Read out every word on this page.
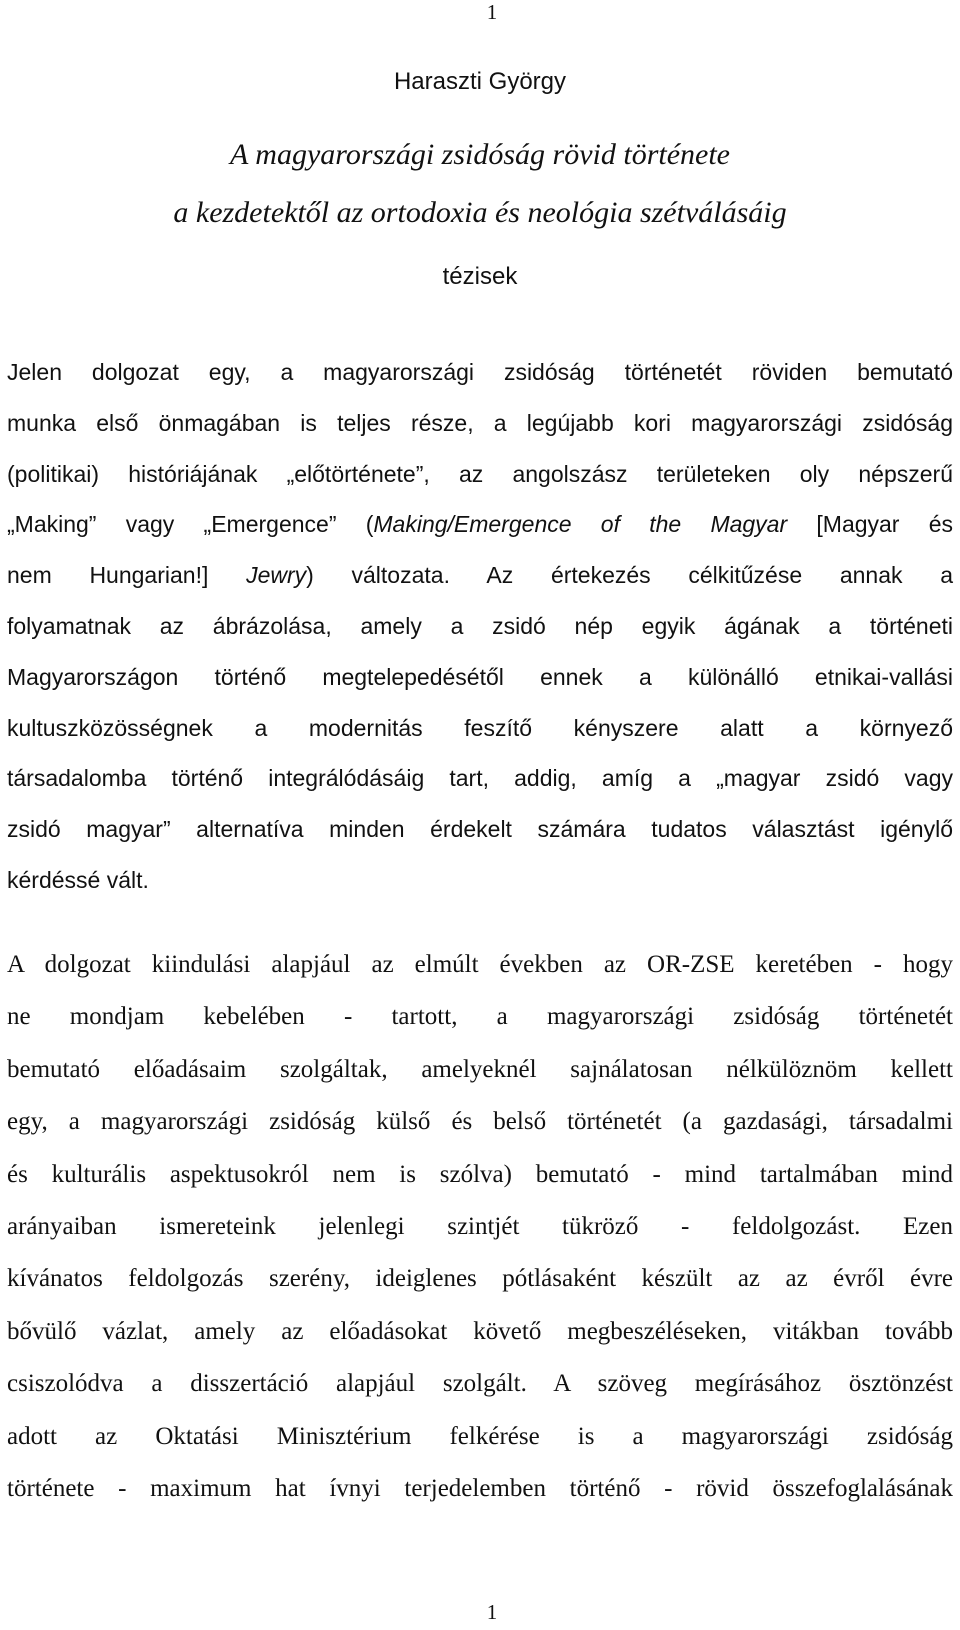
1
Haraszti György
A magyarországi zsidóság rövid története
a kezdetektől az ortodoxia és neológia szétválásáig
tézisek
Jelen dolgozat egy, a magyarországi zsidóság történetét röviden bemutató
munka első önmagában is teljes része, a legújabb kori magyarországi zsidóság
(politikai) históriájának „előtörténete”, az angolszász területeken oly népszerű
„Making” vagy „Emergence” (Making/Emergence of the Magyar [Magyar és
nem Hungarian!] Jewry) változata. Az értekezés célkitűzése annak a
folyamatnak az ábrázolása, amely a zsidó nép egyik ágának a történeti
Magyarországon történő megtelepedésétől ennek a különálló etnikai-vallási
kultuszközösségnek a modernitás feszítő kényszere alatt a környező
társadalomba történő integrálódásáig tart, addig, amíg a „magyar zsidó vagy
zsidó magyar” alternatíva minden érdekelt számára tudatos választást igénylő
kérdéssé vált.
A dolgozat kiindulási alapjául az elmúlt években az OR-ZSE keretében - hogy
ne mondjam kebelében - tartott, a magyarországi zsidóság történetét
bemutató előadásaim szolgáltak, amelyeknél sajnálatosan nélkülöznöm kellett
egy, a magyarországi zsidóság külső és belső történetét (a gazdasági, társadalmi
és kulturális aspektusokról nem is szólva) bemutató - mind tartalmában mind
arányaiban ismereteink jelenlegi szintjét tükröző - feldolgozást. Ezen
kívánatos feldolgozás szerény, ideiglenes pótlásaként készült az az évről évre
bővülő vázlat, amely az előadásokat követő megbeszéléseken, vitákban tovább
csiszolódva a disszertáció alapjául szolgált. A szöveg megírásához ösztönzést
adott az Oktatási Minisztérium felkérése is a magyarországi zsidóság
története - maximum hat ívnyi terjedelemben történő - rövid összefoglalásának
1
